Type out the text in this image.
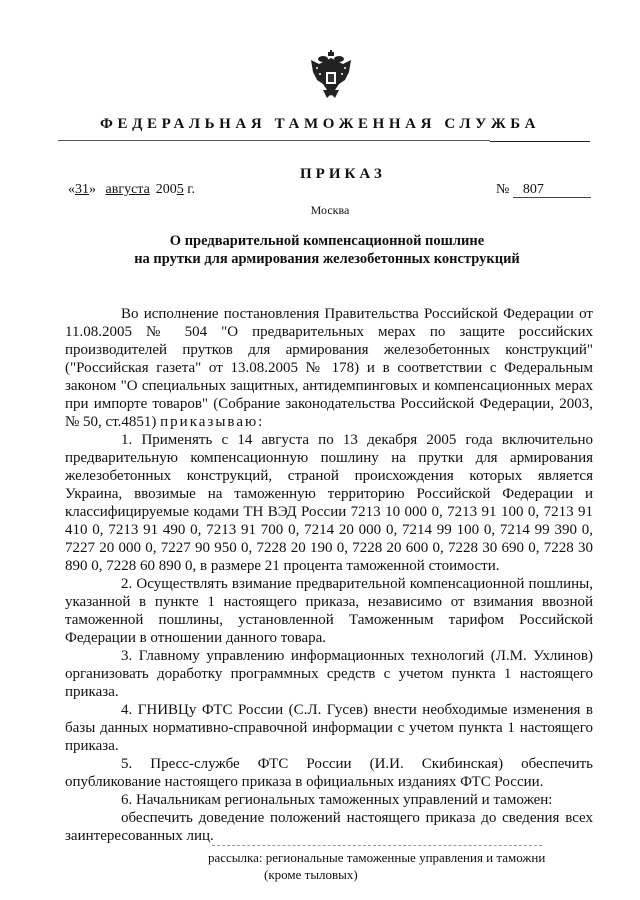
ФЕДЕРАЛЬНАЯ ТАМОЖЕННАЯ СЛУЖБА
ПРИКАЗ
«31» августа 2005 г.	№ 807
Москва
О предварительной компенсационной пошлине
на прутки для армирования железобетонных конструкций

Во исполнение постановления Правительства Российской Федерации от 11.08.2005 № 504 "О предварительных мерах по защите российских производителей прутков для армирования железобетонных конструкций" ("Российская газета" от 13.08.2005 № 178) и в соответствии с Федеральным законом "О специальных защитных, антидемпинговых и компенсационных мерах при импорте товаров" (Собрание законодательства Российской Федерации, 2003, № 50, ст.4851) приказываю:

1. Применять с 14 августа по 13 декабря 2005 года включительно предварительную компенсационную пошлину на прутки для армирования железобетонных конструкций, страной происхождения которых является Украина, ввозимые на таможенную территорию Российской Федерации и классифицируемые кодами ТН ВЭД России 7213 10 000 0, 7213 91 100 0, 7213 91 410 0, 7213 91 490 0, 7213 91 700 0, 7214 20 000 0, 7214 99 100 0, 7214 99 390 0, 7227 20 000 0, 7227 90 950 0, 7228 20 190 0, 7228 20 600 0, 7228 30 690 0, 7228 30 890 0, 7228 60 890 0, в размере 21 процента таможенной стоимости.

2. Осуществлять взимание предварительной компенсационной пошлины, указанной в пункте 1 настоящего приказа, независимо от взимания ввозной таможенной пошлины, установленной Таможенным тарифом Российской Федерации в отношении данного товара.

3. Главному управлению информационных технологий (Л.М. Ухлинов) организовать доработку программных средств с учетом пункта 1 настоящего приказа.

4. ГНИВЦу ФТС России (С.Л. Гусев) внести необходимые изменения в базы данных нормативно-справочной информации с учетом пункта 1 настоящего приказа.

5. Пресс-службе ФТС России (И.И. Скибинская) обеспечить опубликование настоящего приказа в официальных изданиях ФТС России.

6. Начальникам региональных таможенных управлений и таможен:

обеспечить доведение положений настоящего приказа до сведения всех заинтересованных лиц.

рассылка: региональные таможенные управления и таможни
(кроме тыловых)
